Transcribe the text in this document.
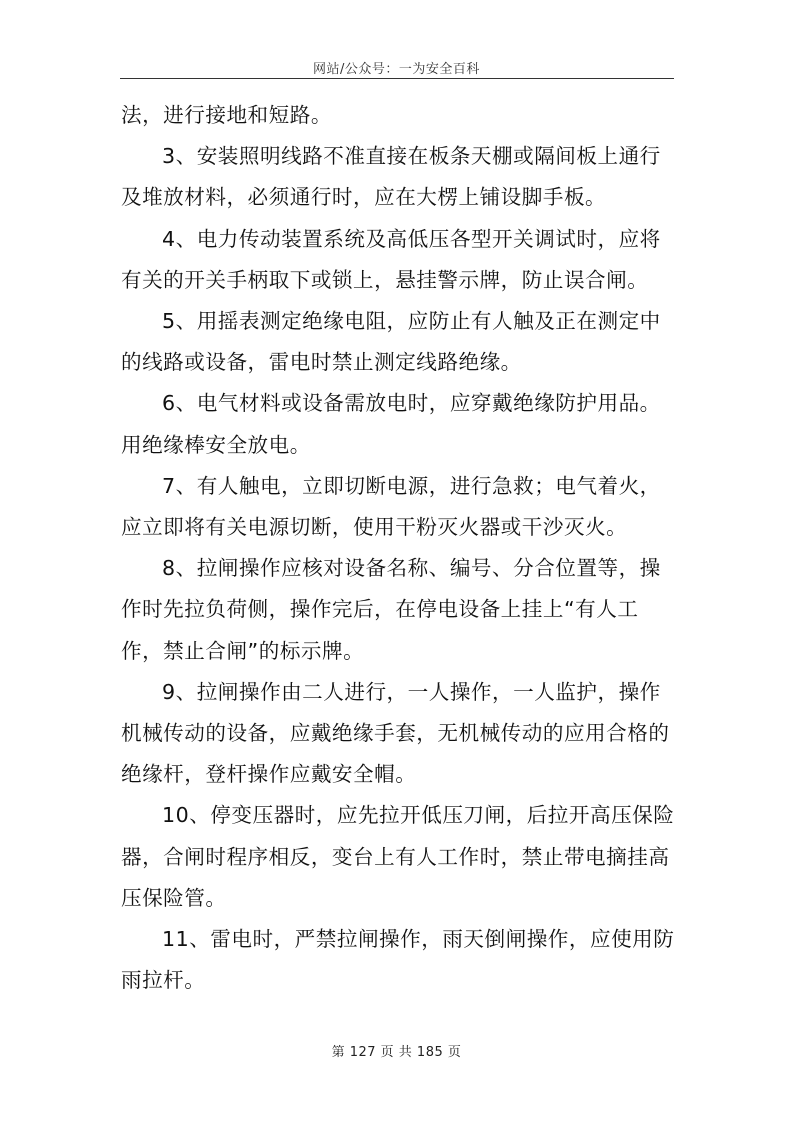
网站/公众号：一为安全百科

法，进行接地和短路。

3、安装照明线路不准直接在板条天棚或隔间板上通行及堆放材料，必须通行时，应在大楞上铺设脚手板。

4、电力传动装置系统及高低压各型开关调试时，应将有关的开关手柄取下或锁上，悬挂警示牌，防止误合闸。

5、用摇表测定绝缘电阻，应防止有人触及正在测定中的线路或设备，雷电时禁止测定线路绝缘。

6、电气材料或设备需放电时，应穿戴绝缘防护用品。用绝缘棒安全放电。

7、有人触电，立即切断电源，进行急救；电气着火，应立即将有关电源切断，使用干粉灭火器或干沙灭火。

8、拉闸操作应核对设备名称、编号、分合位置等，操作时先拉负荷侧，操作完后，在停电设备上挂上“有人工作，禁止合闸”的标示牌。

9、拉闸操作由二人进行，一人操作，一人监护，操作机械传动的设备，应戴绝缘手套，无机械传动的应用合格的绝缘杆，登杆操作应戴安全帽。

10、停变压器时，应先拉开低压刀闸，后拉开高压保险器，合闸时程序相反，变台上有人工作时，禁止带电摘挂高压保险管。

11、雷电时，严禁拉闸操作，雨天倒闸操作，应使用防雨拉杆。

第 127 页 共 185 页
